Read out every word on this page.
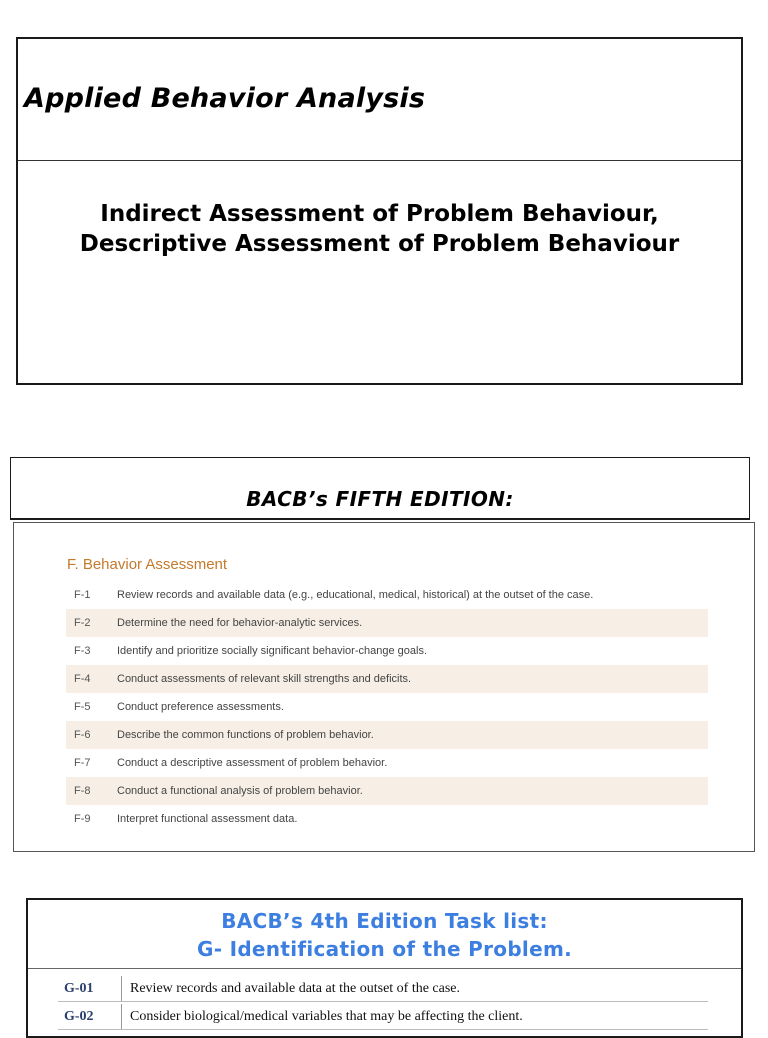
Applied Behavior Analysis
Indirect Assessment of Problem Behaviour,
Descriptive Assessment of Problem Behaviour
BACB’s FIFTH EDITION:
F. Behavior Assessment
F-1	Review records and available data (e.g., educational, medical, historical) at the outset of the case.
F-2	Determine the need for behavior-analytic services.
F-3	Identify and prioritize socially significant behavior-change goals.
F-4	Conduct assessments of relevant skill strengths and deficits.
F-5	Conduct preference assessments.
F-6	Describe the common functions of problem behavior.
F-7	Conduct a descriptive assessment of problem behavior.
F-8	Conduct a functional analysis of problem behavior.
F-9	Interpret functional assessment data.
BACB’s 4th Edition Task list:
G- Identification of the Problem.
G-01	Review records and available data at the outset of the case.
G-02	Consider biological/medical variables that may be affecting the client.
